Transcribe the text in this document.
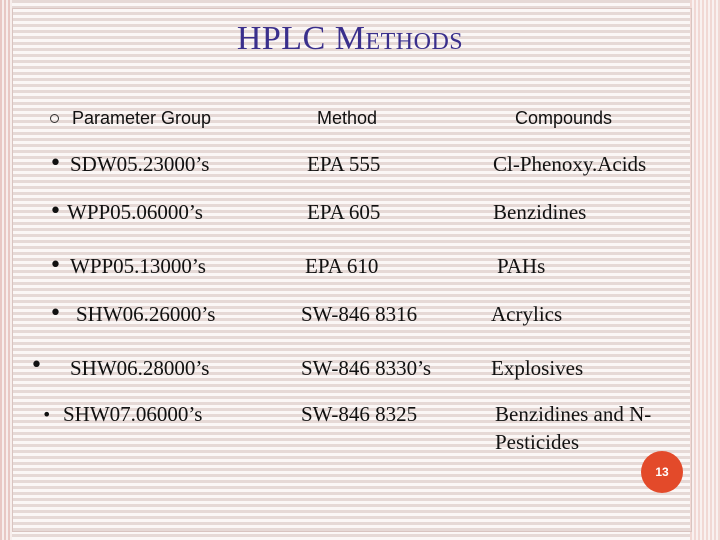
HPLC Methods
Parameter Group	Method	Compounds
• SDW05.23000’s	EPA 555	Cl-Phenoxy.Acids
• WPP05.06000’s	EPA 605	Benzidines
• WPP05.13000’s	EPA 610	PAHs
• SHW06.26000’s	SW-846 8316	Acrylics
• SHW06.28000’s	SW-846 8330’s	Explosives
• SHW07.06000’s	SW-846 8325	Benzidines and N- Pesticides
13
